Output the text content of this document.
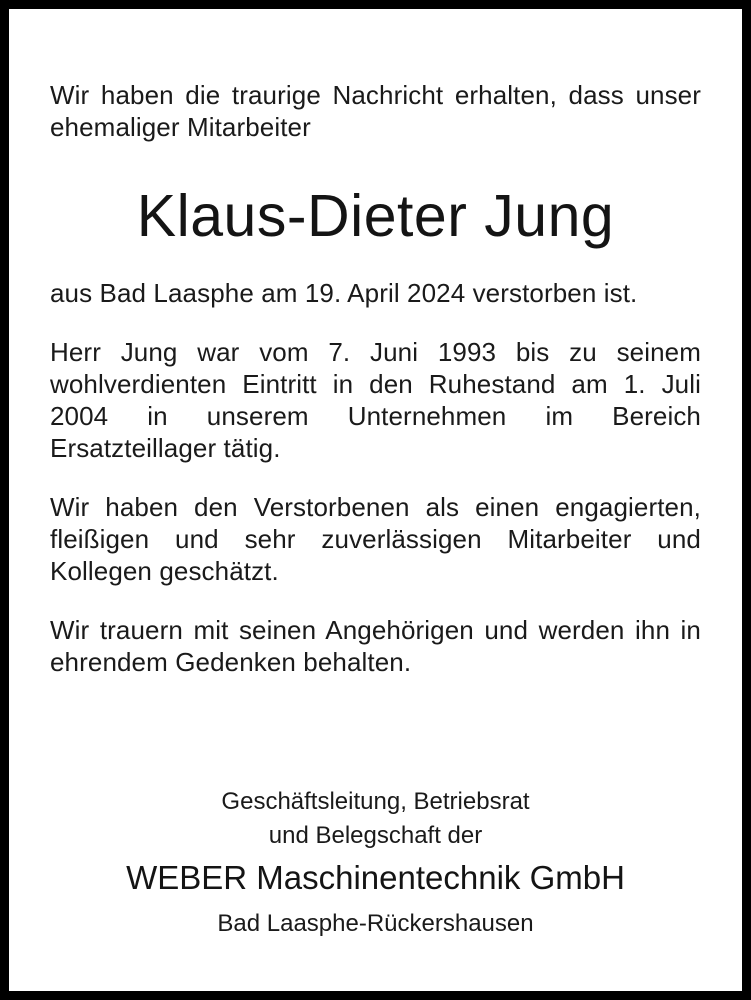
Wir haben die traurige Nachricht erhalten, dass unser ehemaliger Mitarbeiter

Klaus-Dieter Jung

aus Bad Laasphe am 19. April 2024 verstorben ist.

Herr Jung war vom 7. Juni 1993 bis zu seinem wohlverdienten Eintritt in den Ruhestand am 1. Juli 2004 in unserem Unternehmen im Bereich Ersatzteillager tätig.

Wir haben den Verstorbenen als einen engagierten, fleißigen und sehr zuverlässigen Mitarbeiter und Kollegen geschätzt.

Wir trauern mit seinen Angehörigen und werden ihn in ehrendem Gedenken behalten.

Geschäftsleitung, Betriebsrat

und Belegschaft der

WEBER Maschinentechnik GmbH

Bad Laasphe-Rückershausen
